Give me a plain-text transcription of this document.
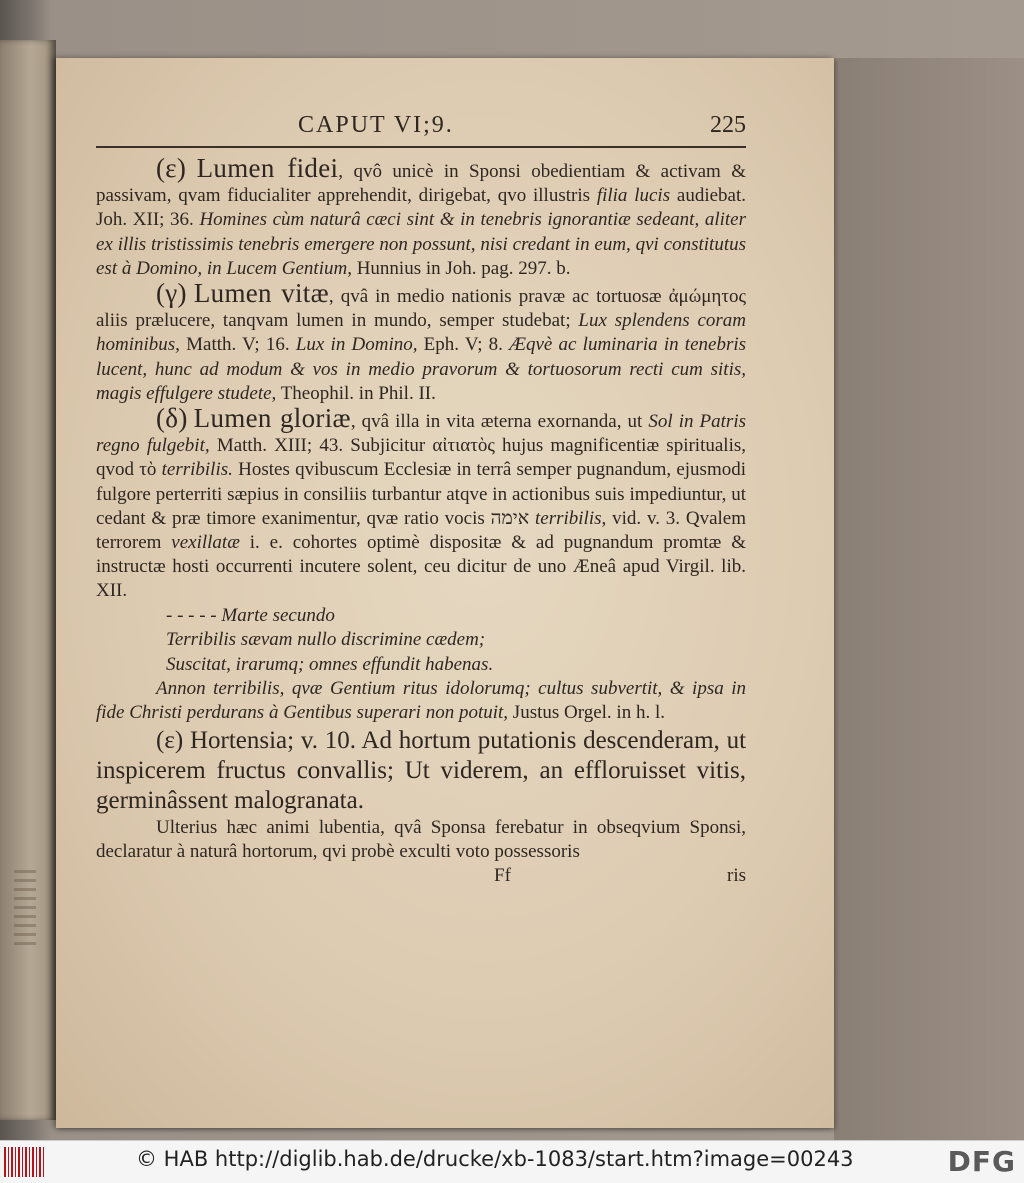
CAPUT VI;9.	225

(ε) Lumen fidei, qvô unicè in Sponsi obedientiam & activam & passivam, qvam fiducialiter apprehendit, dirigebat, qvo illustris filia lucis audiebat. Joh. XII; 36. Homines cùm naturâ cæci sint & in tenebris ignorantiæ sedeant, aliter ex illis tristissimis tenebris emergere non possunt, nisi credant in eum, qvi constitutus est à Domino, in Lucem Gentium, Hunnius in Joh. pag. 297. b.

(γ) Lumen vitæ, qvâ in medio nationis pravæ ac tortuosæ ἀμώμητος aliis prælucere, tanqvam lumen in mundo, semper studebat; Lux splendens coram hominibus, Matth. V; 16. Lux in Domino, Eph. V; 8. Æqvè ac luminaria in tenebris lucent, hunc ad modum & vos in medio pravorum & tortuosorum recti cum sitis, magis effulgere studete, Theophil. in Phil. II.

(δ) Lumen gloriæ, qvâ illa in vita æterna exornanda, ut Sol in Patris regno fulgebit, Matth. XIII; 43. Subjicitur αἰτιατὸς hujus magnificentiæ spiritualis, qvod τὸ terribilis. Hostes qvibuscum Ecclesiæ in terrâ semper pugnandum, ejusmodi fulgore perterriti sæpius in consiliis turbantur atqve in actionibus suis impediuntur, ut cedant & præ timore exanimentur, qvæ ratio vocis אימה terribilis, vid. v. 3. Qvalem terrorem vexillatæ i. e. cohortes optimè dispositæ & ad pugnandum promtæ & instructæ hosti occurrenti incutere solent, ceu dicitur de uno Æneâ apud Virgil. lib. XII.

- - - - - Marte secundo
Terribilis sævam nullo discrimine cædem;
Suscitat, irarumq; omnes effundit habenas.

Annon terribilis, qvæ Gentium ritus idolorumq; cultus subvertit, & ipsa in fide Christi perdurans à Gentibus superari non potuit, Justus Orgel. in h. l.

(ε) Hortensia; v. 10. Ad hortum putationis descenderam, ut inspicerem fructus convallis; Ut viderem, an effloruisset vitis, germinâssent malogranata.

Ulterius hæc animi lubentia, qvâ Sponsa ferebatur in obseqvium Sponsi, declaratur à naturâ hortorum, qvi probè exculti voto possessoris

Ff	ris
© HAB http://diglib.hab.de/drucke/xb-1083/start.htm?image=00243	DFG
